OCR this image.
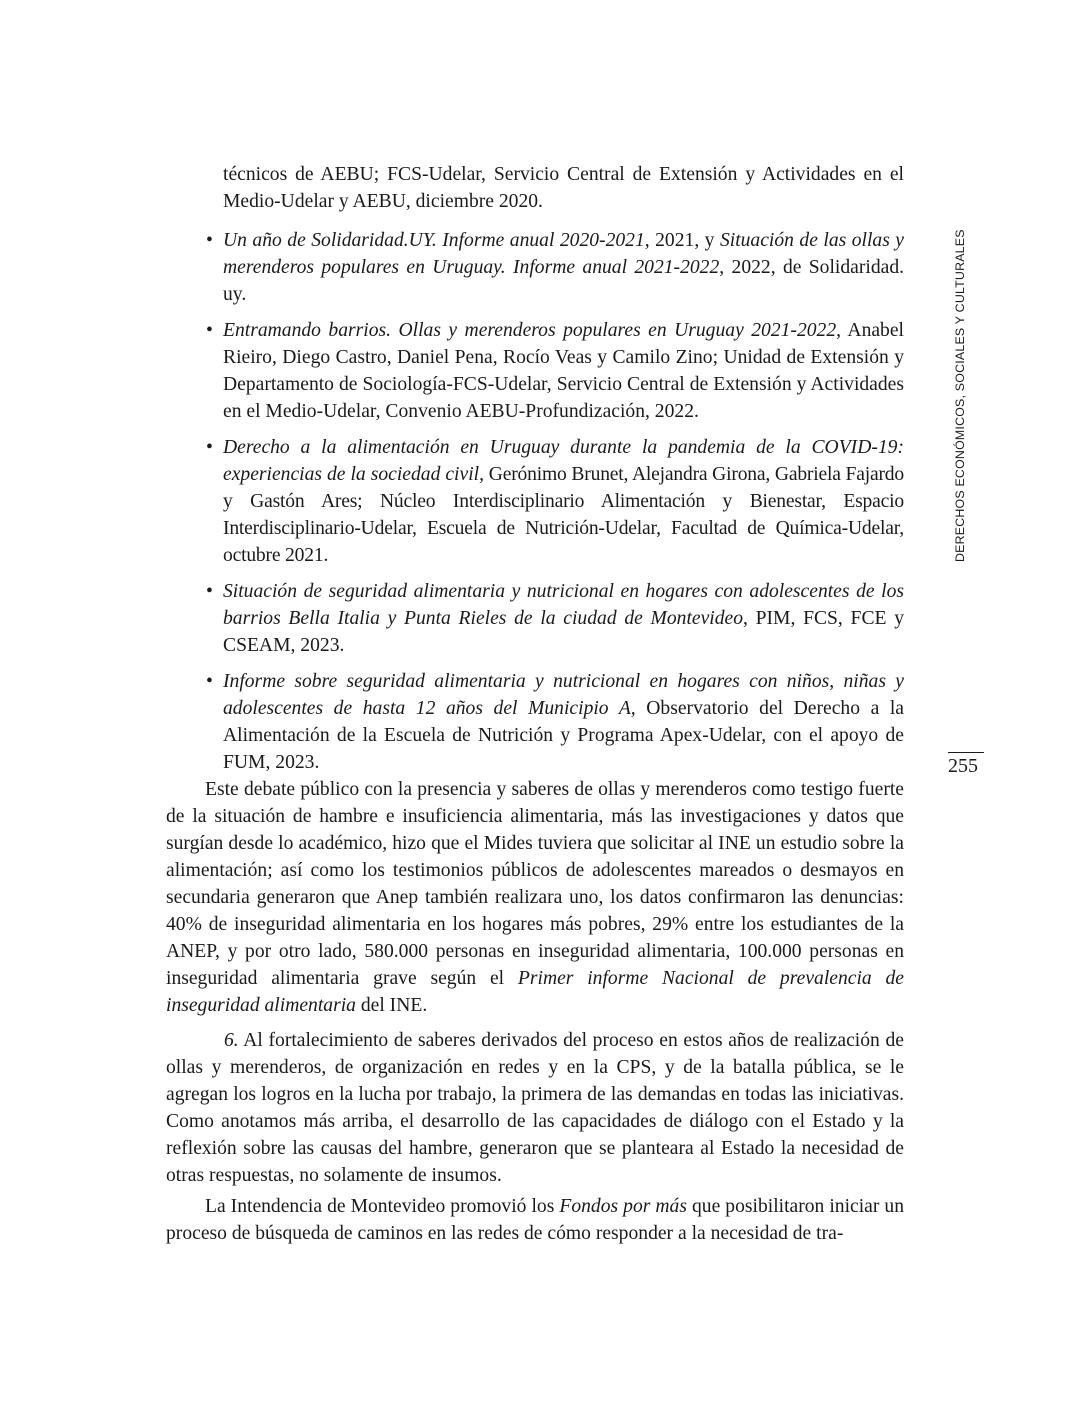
DERECHOS ECONÓMICOS, SOCIALES Y CULTURALES
255

técnicos de AEBU; FCS-Udelar, Servicio Central de Extensión y Actividades en el Medio-Udelar y AEBU, diciembre 2020.

• Un año de Solidaridad.UY. Informe anual 2020-2021, 2021, y Situación de las ollas y merenderos populares en Uruguay. Informe anual 2021-2022, 2022, de Solidaridad. uy.
• Entramando barrios. Ollas y merenderos populares en Uruguay 2021-2022, Anabel Rieiro, Diego Castro, Daniel Pena, Rocío Veas y Camilo Zino; Unidad de Extensión y Departamento de Sociología-FCS-Udelar, Servicio Central de Extensión y Actividades en el Medio-Udelar, Convenio AEBU-Profundización, 2022.
• Derecho a la alimentación en Uruguay durante la pandemia de la COVID-19: experiencias de la sociedad civil, Gerónimo Brunet, Alejandra Girona, Gabriela Fajardo y Gastón Ares; Núcleo Interdisciplinario Alimentación y Bienestar, Espacio Interdisciplinario-Udelar, Escuela de Nutrición-Udelar, Facultad de Química-Udelar, octubre 2021.
• Situación de seguridad alimentaria y nutricional en hogares con adolescentes de los barrios Bella Italia y Punta Rieles de la ciudad de Montevideo, PIM, FCS, FCE y CSEAM, 2023.
• Informe sobre seguridad alimentaria y nutricional en hogares con niños, niñas y adolescentes de hasta 12 años del Municipio A, Observatorio del Derecho a la Alimentación de la Escuela de Nutrición y Programa Apex-Udelar, con el apoyo de FUM, 2023.

Este debate público con la presencia y saberes de ollas y merenderos como testigo fuerte de la situación de hambre e insuficiencia alimentaria, más las investigaciones y datos que surgían desde lo académico, hizo que el Mides tuviera que solicitar al INE un estudio sobre la alimentación; así como los testimonios públicos de adolescentes mareados o desmayos en secundaria generaron que Anep también realizara uno, los datos confirmaron las denuncias: 40% de inseguridad alimentaria en los hogares más pobres, 29% entre los estudiantes de la ANEP, y por otro lado, 580.000 personas en inseguridad alimentaria, 100.000 personas en inseguridad alimentaria grave según el Primer informe Nacional de prevalencia de inseguridad alimentaria del INE.

6. Al fortalecimiento de saberes derivados del proceso en estos años de realización de ollas y merenderos, de organización en redes y en la CPS, y de la batalla pública, se le agregan los logros en la lucha por trabajo, la primera de las demandas en todas las iniciativas. Como anotamos más arriba, el desarrollo de las capacidades de diálogo con el Estado y la reflexión sobre las causas del hambre, generaron que se planteara al Estado la necesidad de otras respuestas, no solamente de insumos.

La Intendencia de Montevideo promovió los Fondos por más que posibilitaron iniciar un proceso de búsqueda de caminos en las redes de cómo responder a la necesidad de tra-
